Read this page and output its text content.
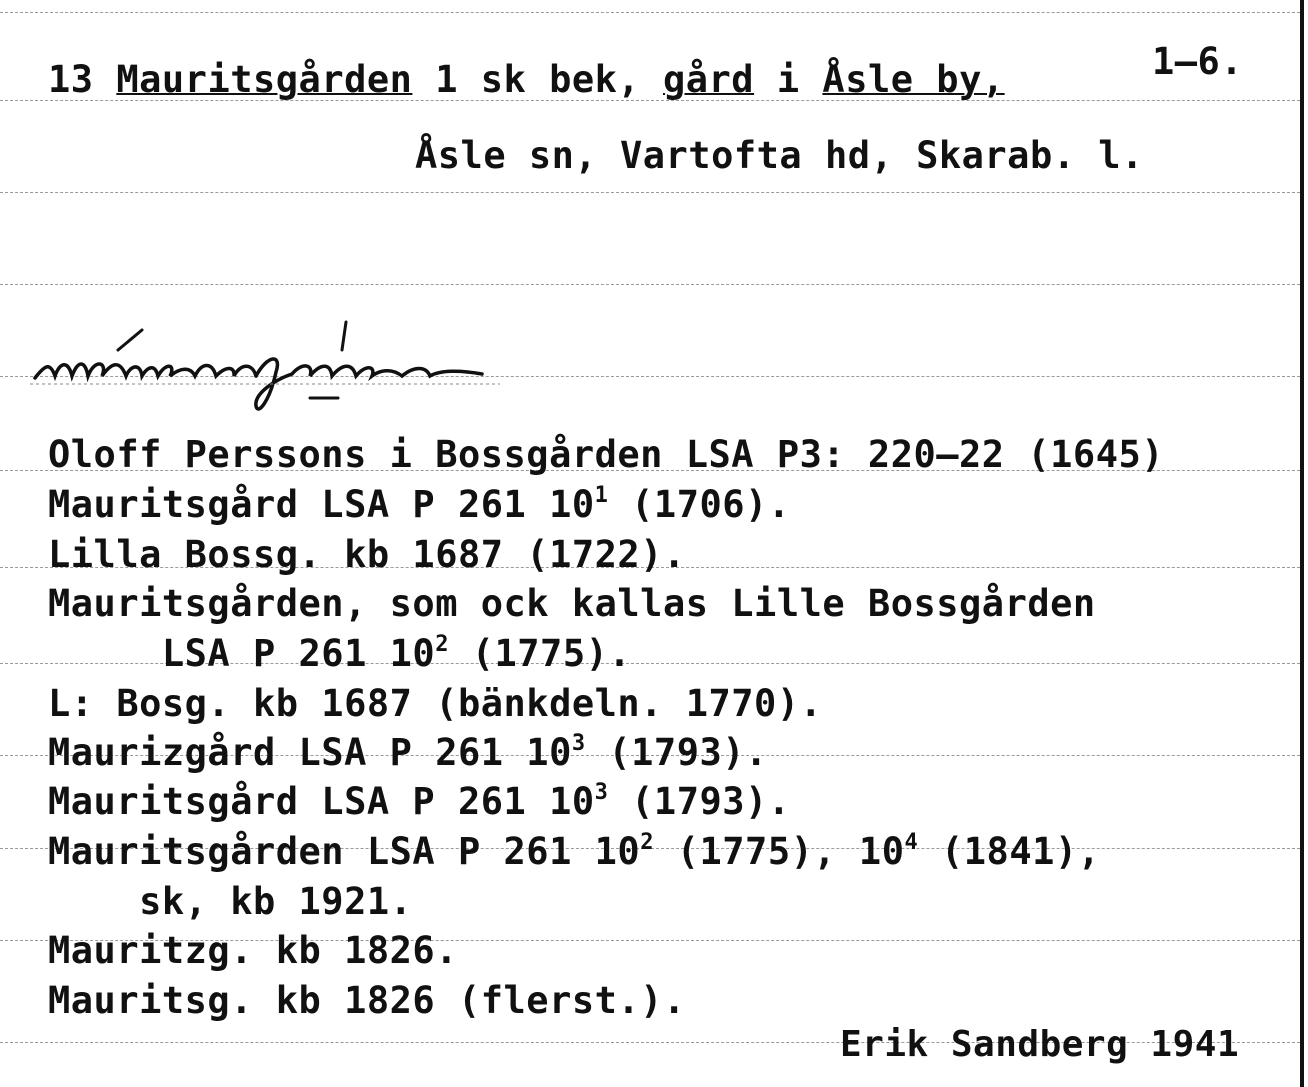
13 Mauritsgården 1 sk bek, gård i Åsle by,	1–6.
Åsle sn, Vartofta hd, Skarab. l.
Oloff Perssons i Bossgården LSA P3: 220–22 (1645)
Mauritsgård LSA P 261 $10^1$ (1706).
Lilla Bossg. kb 1687 (1722).
Mauritsgården, som ock kallas Lille Bossgården
LSA P 261 $10^2$ (1775).
L: Bosg. kb 1687 (bänkdeln. 1770).
Maurizgård LSA P 261 $10^3$ (1793).
Mauritsgård LSA P 261 $10^3$ (1793).
Mauritsgården LSA P 261 $10^2$ (1775), $10^4$ (1841),
sk, kb 1921.
Mauritzg. kb 1826.
Mauritsg. kb 1826 (flerst.).
Erik Sandberg 1941
